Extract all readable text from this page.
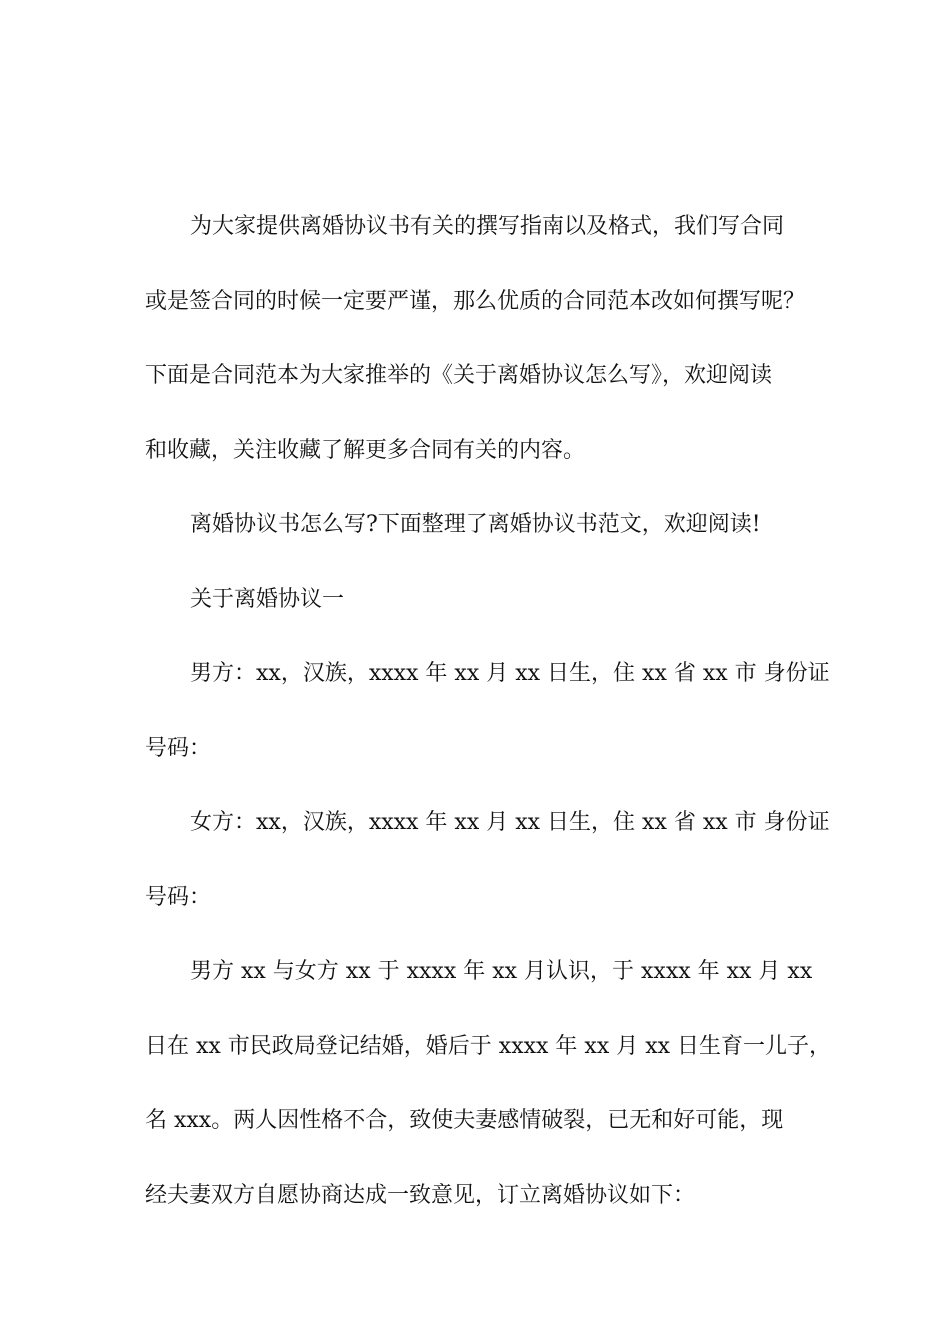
为大家提供离婚协议书有关的撰写指南以及格式，我们写合同
或是签合同的时候一定要严谨，那么优质的合同范本改如何撰写呢？
下面是合同范本为大家推举的《关于离婚协议怎么写》，欢迎阅读
和收藏，关注收藏了解更多合同有关的内容。
离婚协议书怎么写?下面整理了离婚协议书范文，欢迎阅读!
关于离婚协议一
男方：xx，汉族，xxxx 年 xx 月 xx 日生，住 xx 省 xx 市 身份证
号码：
女方：xx，汉族，xxxx 年 xx 月 xx 日生，住 xx 省 xx 市 身份证
号码：
男方 xx 与女方 xx 于 xxxx 年 xx 月认识，于 xxxx 年 xx 月 xx
日在 xx 市民政局登记结婚，婚后于 xxxx 年 xx 月 xx 日生育一儿子，
名 xxx。两人因性格不合，致使夫妻感情破裂，已无和好可能，现
经夫妻双方自愿协商达成一致意见，订立离婚协议如下：
